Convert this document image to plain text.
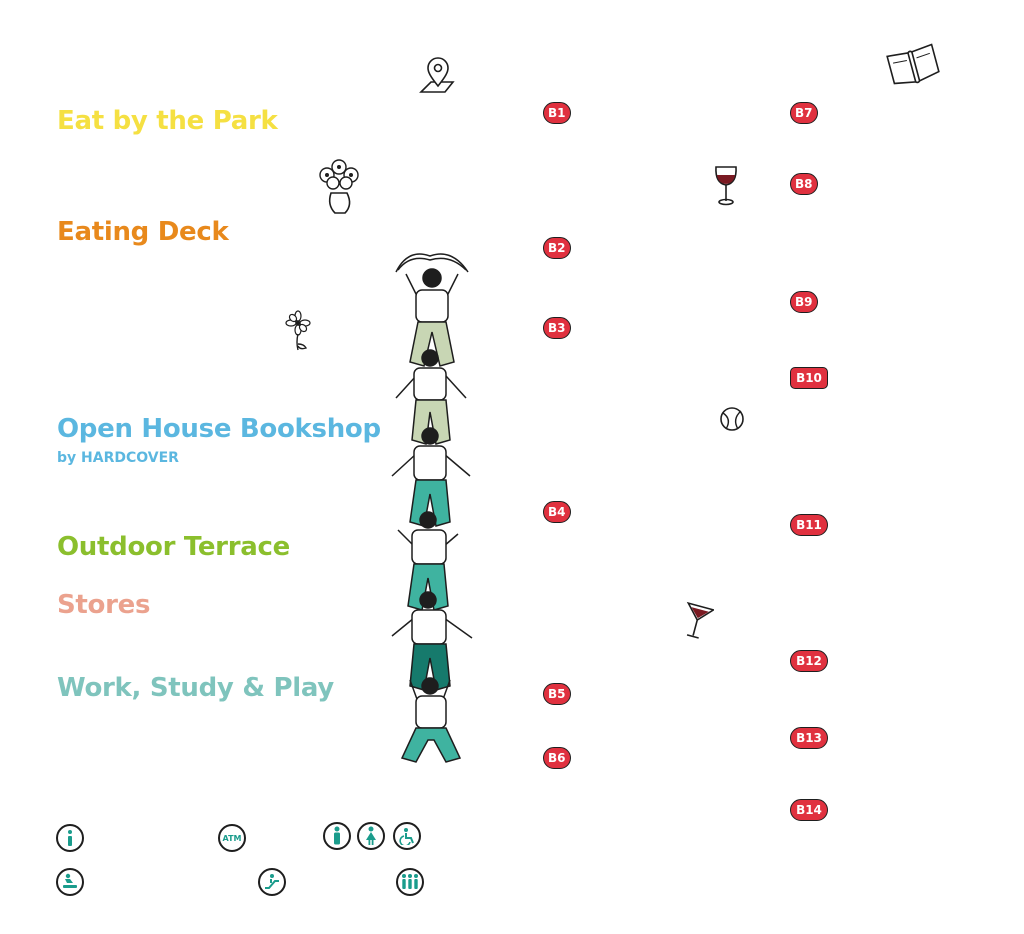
Eat by the Park
Eating Deck
Open House Bookshop
by HARDCOVER
Outdoor Terrace
Stores
Work, Study & Play
B1
B2
B3
B4
B5
B6
B7
B8
B9
B10
B11
B12
B13
B14
ATM
